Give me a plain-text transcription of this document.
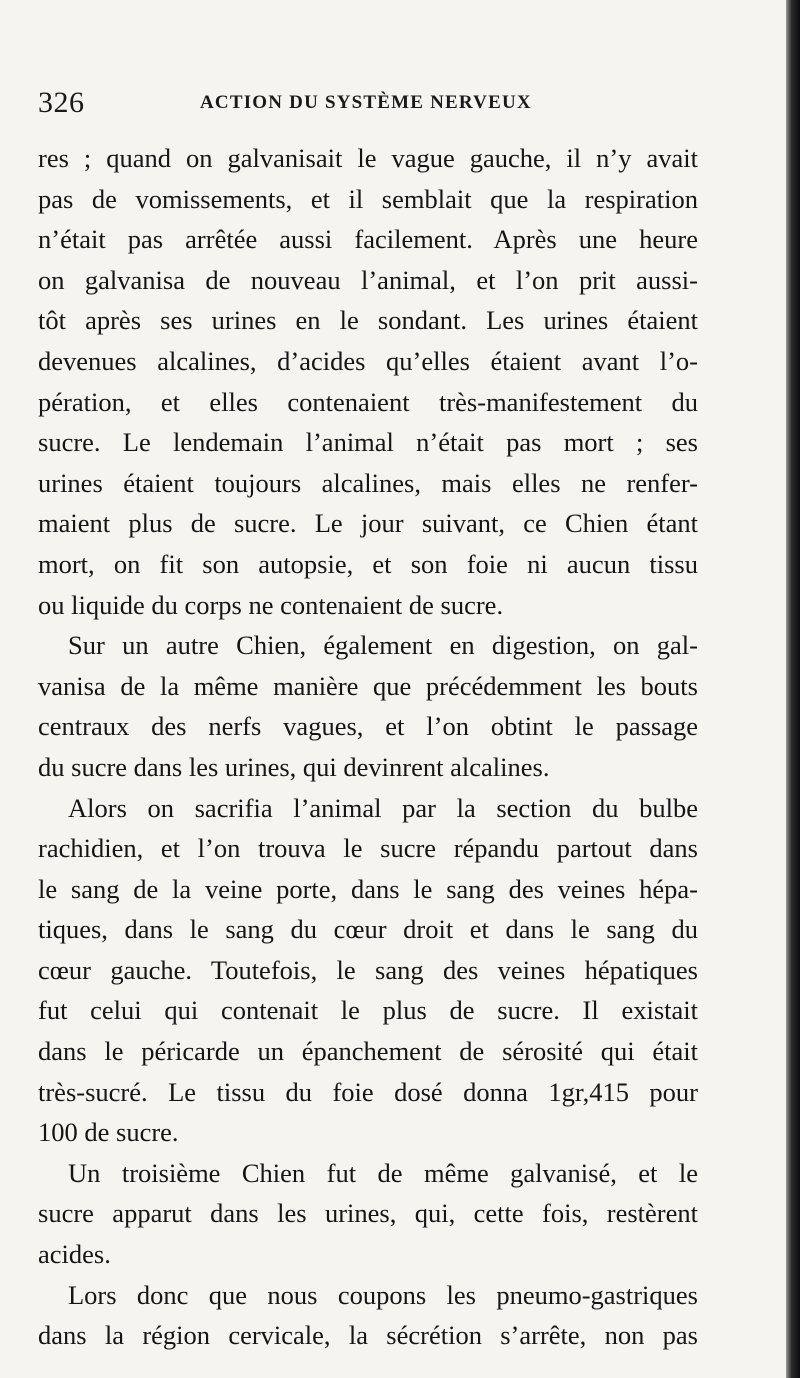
326	ACTION DU SYSTÈME NERVEUX

res ; quand on galvanisait le vague gauche, il n’y avait
pas de vomissements, et il semblait que la respiration
n’était pas arrêtée aussi facilement. Après une heure
on galvanisa de nouveau l’animal, et l’on prit aussi-
tôt après ses urines en le sondant. Les urines étaient
devenues alcalines, d’acides qu’elles étaient avant l’o-
pération, et elles contenaient très-manifestement du
sucre. Le lendemain l’animal n’était pas mort ; ses
urines étaient toujours alcalines, mais elles ne renfer-
maient plus de sucre. Le jour suivant, ce Chien étant
mort, on fit son autopsie, et son foie ni aucun tissu
ou liquide du corps ne contenaient de sucre.

Sur un autre Chien, également en digestion, on gal-
vanisa de la même manière que précédemment les bouts
centraux des nerfs vagues, et l’on obtint le passage
du sucre dans les urines, qui devinrent alcalines.

Alors on sacrifia l’animal par la section du bulbe
rachidien, et l’on trouva le sucre répandu partout dans
le sang de la veine porte, dans le sang des veines hépa-
tiques, dans le sang du cœur droit et dans le sang du
cœur gauche. Toutefois, le sang des veines hépatiques
fut celui qui contenait le plus de sucre. Il existait
dans le péricarde un épanchement de sérosité qui était
très-sucré. Le tissu du foie dosé donna 1gr,415 pour
100 de sucre.

Un troisième Chien fut de même galvanisé, et le
sucre apparut dans les urines, qui, cette fois, restèrent
acides.

Lors donc que nous coupons les pneumo-gastriques
dans la région cervicale, la sécrétion s’arrête, non pas
